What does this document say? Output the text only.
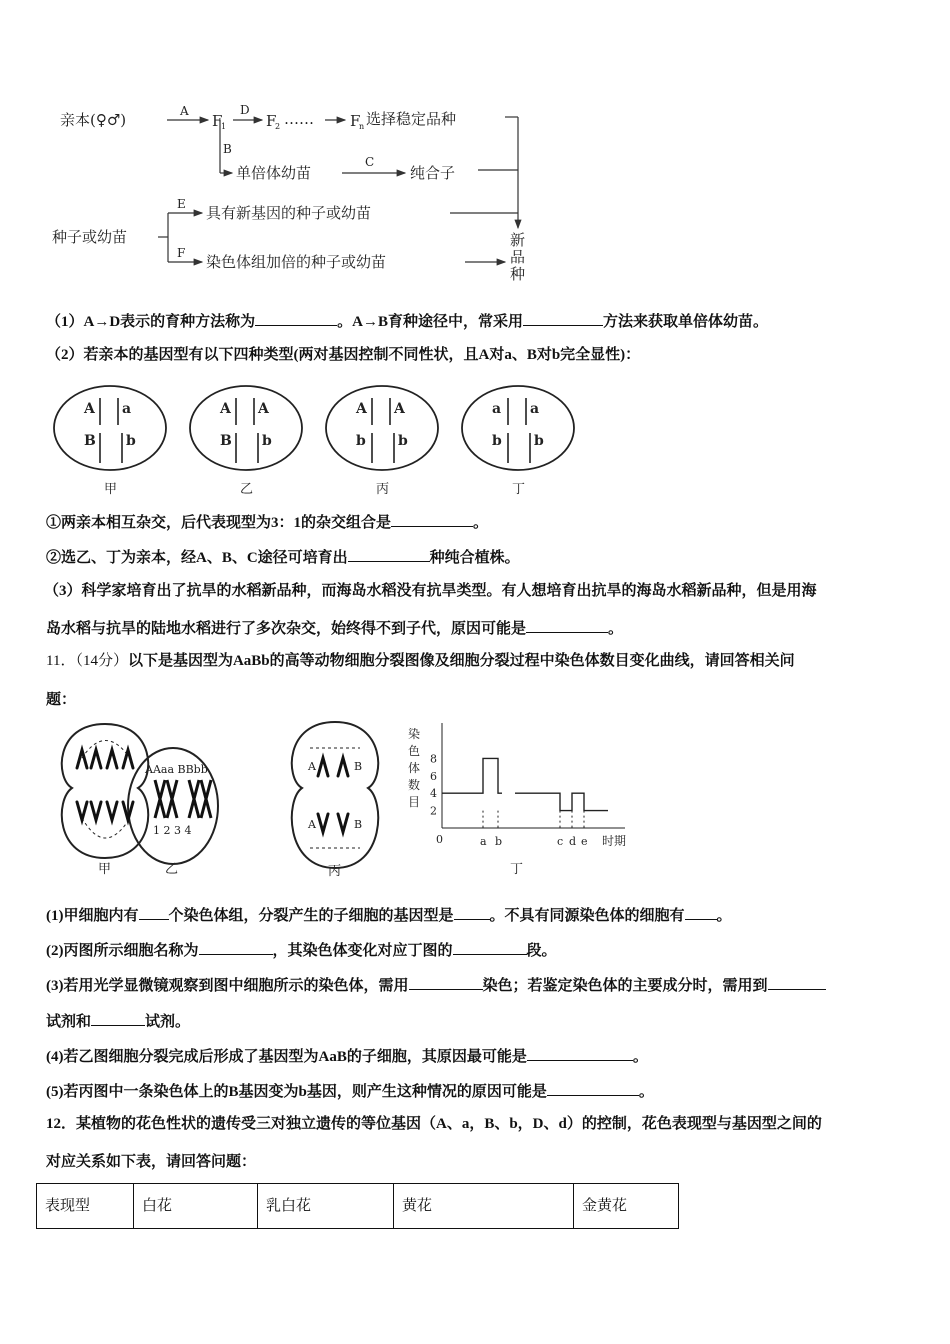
亲本(♀♂)	A
F
1
D
F
2 …… F
n 选择稳定品种
B
单倍体幼苗
C
纯合子
种子或幼苗
E 具有新基因的种子或幼苗
F 染色体组加倍的种子或幼苗
新
品
种
（1）A→D表示的育种方法称为	。A→B育种途径中，常采用	方法来获取单倍体幼苗。
（2）若亲本的基因型有以下四种类型(两对基因控制不同性状，且A对a、B对b完全显性)：
A a
B b
甲
A A
B b
乙
A A
b b
丙
a a
b b
丁
①两亲本相互杂交，后代表现型为3：1的杂交组合是	。
②选乙、丁为亲本，经A、B、C途径可培育出	种纯合植株。
（3）科学家培育出了抗旱的水稻新品种，而海岛水稻没有抗旱类型。有人想培育出抗旱的海岛水稻新品种，但是用海
岛水稻与抗旱的陆地水稻进行了多次杂交，始终得不到子代，原因可能是	。
11．（14分）以下是基因型为AaBb的高等动物细胞分裂图像及细胞分裂过程中染色体数目变化曲线，请回答相关问
题：
AAaa BBbb
1 2 3 4
A	B
A	B
甲	乙	丙	丁
染
色
体
数
目
2
4
6
8
0	a b	c d e 时期
(1)甲细胞内有 个染色体组，分裂产生的子细胞的基因型是 。不具有同源染色体的细胞有 。
(2)丙图所示细胞名称为	，其染色体变化对应丁图的	段。
(3)若用光学显微镜观察到图中细胞所示的染色体，需用	染色；若鉴定染色体的主要成分时，需用到
试剂和	试剂。
(4)若乙图细胞分裂完成后形成了基因型为AaB的子细胞，其原因最可能是	。
(5)若丙图中一条染色体上的B基因变为b基因，则产生这种情况的原因可能是	。
12．某植物的花色性状的遗传受三对独立遗传的等位基因（A、a，B、b，D、d）的控制，花色表现型与基因型之间的
对应关系如下表，请回答问题：
表现型	白花	乳白花	黄花	金黄花
